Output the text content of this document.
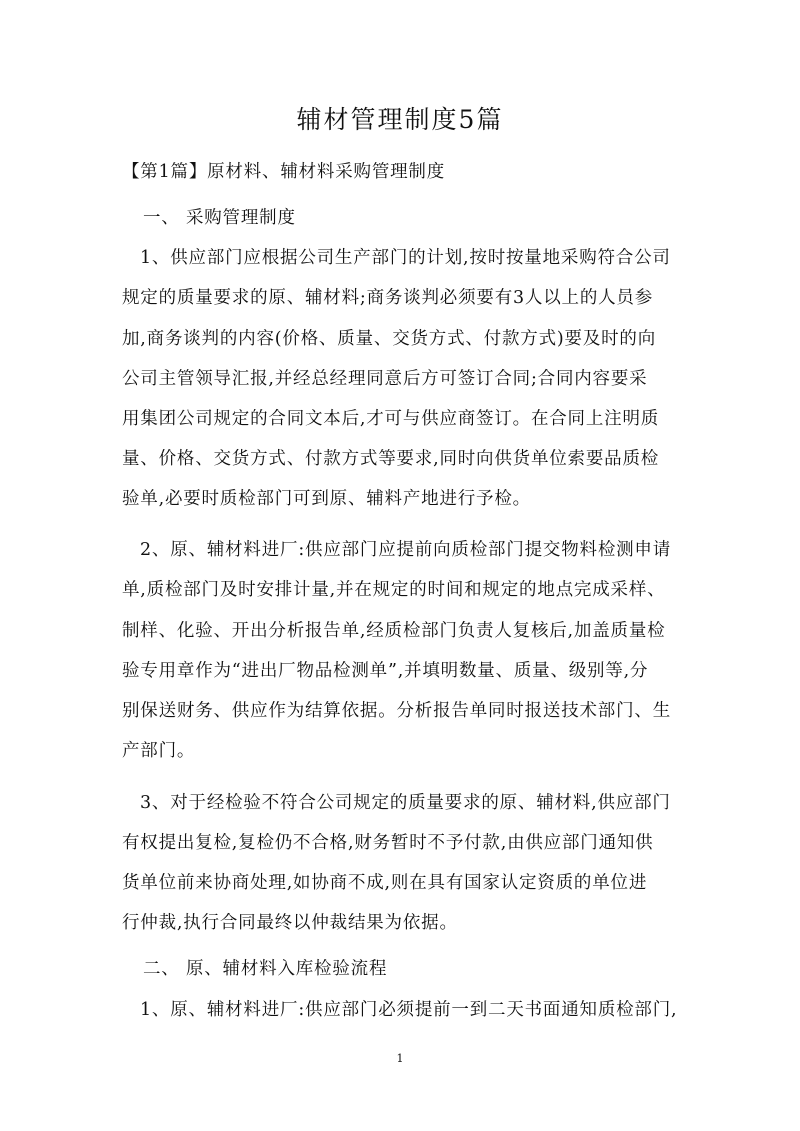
辅材管理制度5篇
【第1篇】原材料、辅材料采购管理制度
一、 采购管理制度
1、供应部门应根据公司生产部门的计划,按时按量地采购符合公司
规定的质量要求的原、辅材料;商务谈判必须要有3人以上的人员参
加,商务谈判的内容(价格、质量、交货方式、付款方式)要及时的向
公司主管领导汇报,并经总经理同意后方可签订合同;合同内容要采
用集团公司规定的合同文本后,才可与供应商签订。在合同上注明质
量、价格、交货方式、付款方式等要求,同时向供货单位索要品质检
验单,必要时质检部门可到原、辅料产地进行予检。
2、原、辅材料进厂:供应部门应提前向质检部门提交物料检测申请
单,质检部门及时安排计量,并在规定的时间和规定的地点完成采样、
制样、化验、开出分析报告单,经质检部门负责人复核后,加盖质量检
验专用章作为“进出厂物品检测单”,并填明数量、质量、级别等,分
别保送财务、供应作为结算依据。分析报告单同时报送技术部门、生
产部门。
3、对于经检验不符合公司规定的质量要求的原、辅材料,供应部门
有权提出复检,复检仍不合格,财务暂时不予付款,由供应部门通知供
货单位前来协商处理,如协商不成,则在具有国家认定资质的单位进
行仲裁,执行合同最终以仲裁结果为依据。
二、 原、辅材料入库检验流程
1、原、辅材料进厂:供应部门必须提前一到二天书面通知质检部门,
1
